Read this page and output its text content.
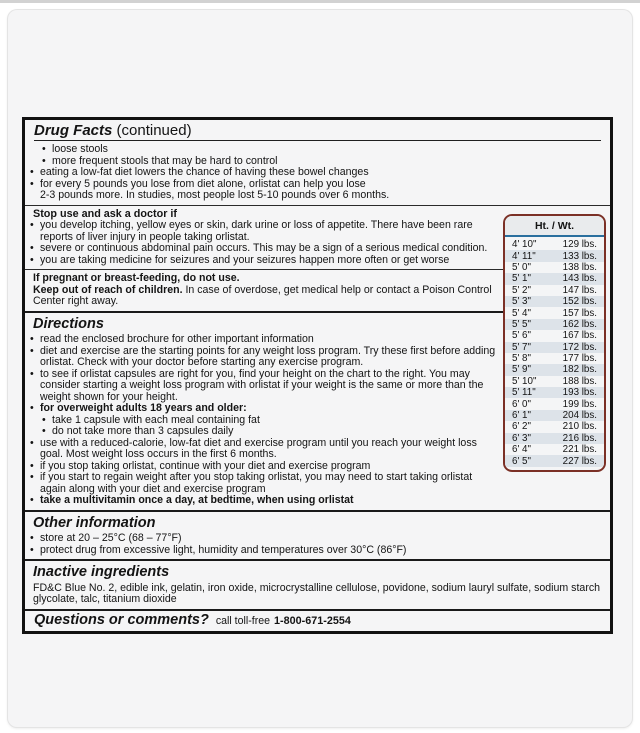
Drug Facts (continued)
• loose stools
• more frequent stools that may be hard to control
• eating a low-fat diet lowers the chance of having these bowel changes
• for every 5 pounds you lose from diet alone, orlistat can help you lose
2-3 pounds more. In studies, most people lost 5-10 pounds over 6 months.
Stop use and ask a doctor if
• you develop itching, yellow eyes or skin, dark urine or loss of appetite. There have been rare reports of liver injury in people taking orlistat.
• severe or continuous abdominal pain occurs. This may be a sign of a serious medical condition.
• you are taking medicine for seizures and your seizures happen more often or get worse
If pregnant or breast-feeding, do not use.
Keep out of reach of children. In case of overdose, get medical help or contact a Poison Control Center right away.
Directions
• read the enclosed brochure for other important information
• diet and exercise are the starting points for any weight loss program. Try these first before adding orlistat. Check with your doctor before starting any exercise program.
• to see if orlistat capsules are right for you, find your height on the chart to the right. You may consider starting a weight loss program with orlistat if your weight is the same or more than the weight shown for your height.
• for overweight adults 18 years and older:
• take 1 capsule with each meal containing fat
• do not take more than 3 capsules daily
• use with a reduced-calorie, low-fat diet and exercise program until you reach your weight loss goal. Most weight loss occurs in the first 6 months.
• if you stop taking orlistat, continue with your diet and exercise program
• if you start to regain weight after you stop taking orlistat, you may need to start taking orlistat again along with your diet and exercise program
• take a multivitamin once a day, at bedtime, when using orlistat
Other information
• store at 20 – 25°C (68 – 77°F)
• protect drug from excessive light, humidity and temperatures over 30°C (86°F)
Inactive ingredients
FD&C Blue No. 2, edible ink, gelatin, iron oxide, microcrystalline cellulose, povidone, sodium lauryl sulfate, sodium starch glycolate, talc, titanium dioxide
Questions or comments? call toll-free 1-800-671-2554
Ht. / Wt.
4' 10"	129 lbs.
4' 11"	133 lbs.
5' 0"	138 lbs.
5' 1"	143 lbs.
5' 2"	147 lbs.
5' 3"	152 lbs.
5' 4"	157 lbs.
5' 5"	162 lbs.
5' 6"	167 lbs.
5' 7"	172 lbs.
5' 8"	177 lbs.
5' 9"	182 lbs.
5' 10"	188 lbs.
5' 11"	193 lbs.
6' 0"	199 lbs.
6' 1"	204 lbs.
6' 2"	210 lbs.
6' 3"	216 lbs.
6' 4"	221 lbs.
6' 5"	227 lbs.
